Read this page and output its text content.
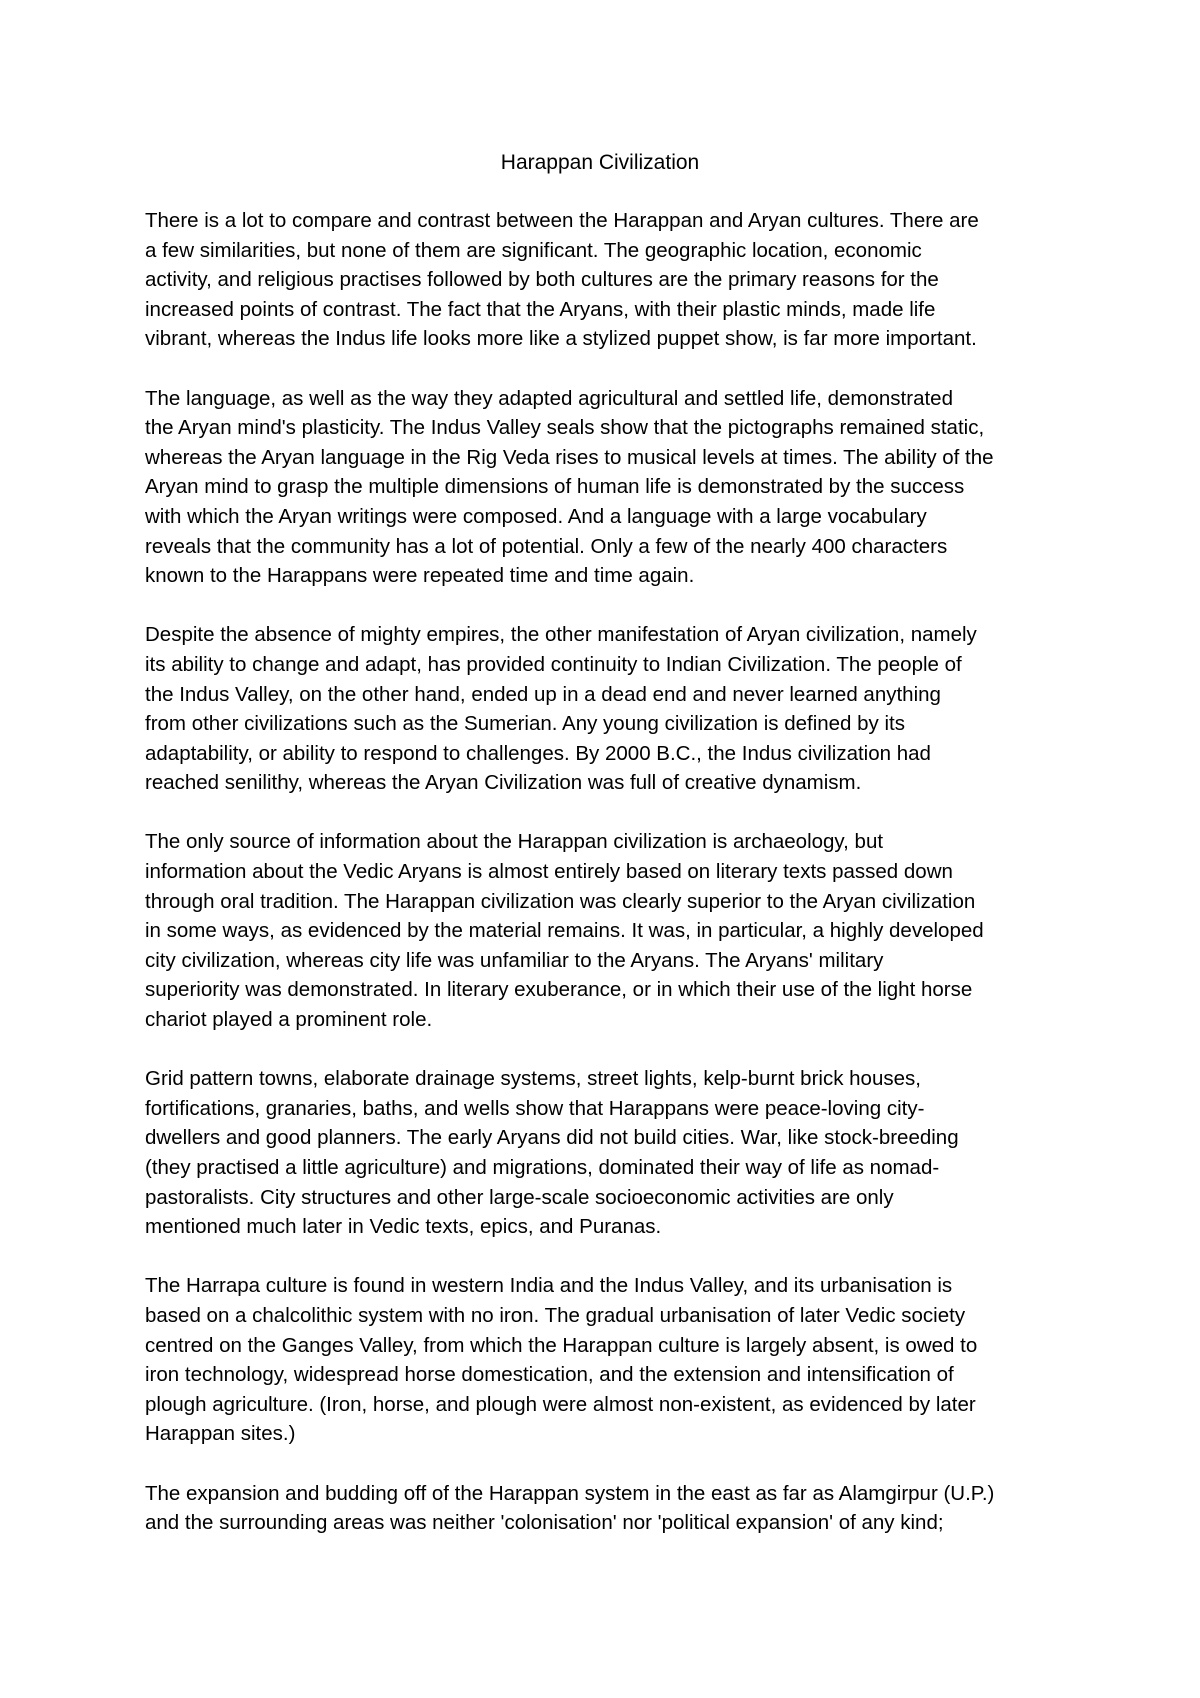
Harappan Civilization

There is a lot to compare and contrast between the Harappan and Aryan cultures. There are
a few similarities, but none of them are significant. The geographic location, economic
activity, and religious practises followed by both cultures are the primary reasons for the
increased points of contrast. The fact that the Aryans, with their plastic minds, made life
vibrant, whereas the Indus life looks more like a stylized puppet show, is far more important.

The language, as well as the way they adapted agricultural and settled life, demonstrated
the Aryan mind's plasticity. The Indus Valley seals show that the pictographs remained static,
whereas the Aryan language in the Rig Veda rises to musical levels at times. The ability of the
Aryan mind to grasp the multiple dimensions of human life is demonstrated by the success
with which the Aryan writings were composed. And a language with a large vocabulary
reveals that the community has a lot of potential. Only a few of the nearly 400 characters
known to the Harappans were repeated time and time again.

Despite the absence of mighty empires, the other manifestation of Aryan civilization, namely
its ability to change and adapt, has provided continuity to Indian Civilization. The people of
the Indus Valley, on the other hand, ended up in a dead end and never learned anything
from other civilizations such as the Sumerian. Any young civilization is defined by its
adaptability, or ability to respond to challenges. By 2000 B.C., the Indus civilization had
reached senilithy, whereas the Aryan Civilization was full of creative dynamism.

The only source of information about the Harappan civilization is archaeology, but
information about the Vedic Aryans is almost entirely based on literary texts passed down
through oral tradition. The Harappan civilization was clearly superior to the Aryan civilization
in some ways, as evidenced by the material remains. It was, in particular, a highly developed
city civilization, whereas city life was unfamiliar to the Aryans. The Aryans' military
superiority was demonstrated. In literary exuberance, or in which their use of the light horse
chariot played a prominent role.

Grid pattern towns, elaborate drainage systems, street lights, kelp-burnt brick houses,
fortifications, granaries, baths, and wells show that Harappans were peace-loving city-
dwellers and good planners. The early Aryans did not build cities. War, like stock-breeding
(they practised a little agriculture) and migrations, dominated their way of life as nomad-
pastoralists. City structures and other large-scale socioeconomic activities are only
mentioned much later in Vedic texts, epics, and Puranas.

The Harrapa culture is found in western India and the Indus Valley, and its urbanisation is
based on a chalcolithic system with no iron. The gradual urbanisation of later Vedic society
centred on the Ganges Valley, from which the Harappan culture is largely absent, is owed to
iron technology, widespread horse domestication, and the extension and intensification of
plough agriculture. (Iron, horse, and plough were almost non-existent, as evidenced by later
Harappan sites.)

The expansion and budding off of the Harappan system in the east as far as Alamgirpur (U.P.)
and the surrounding areas was neither 'colonisation' nor 'political expansion' of any kind;
